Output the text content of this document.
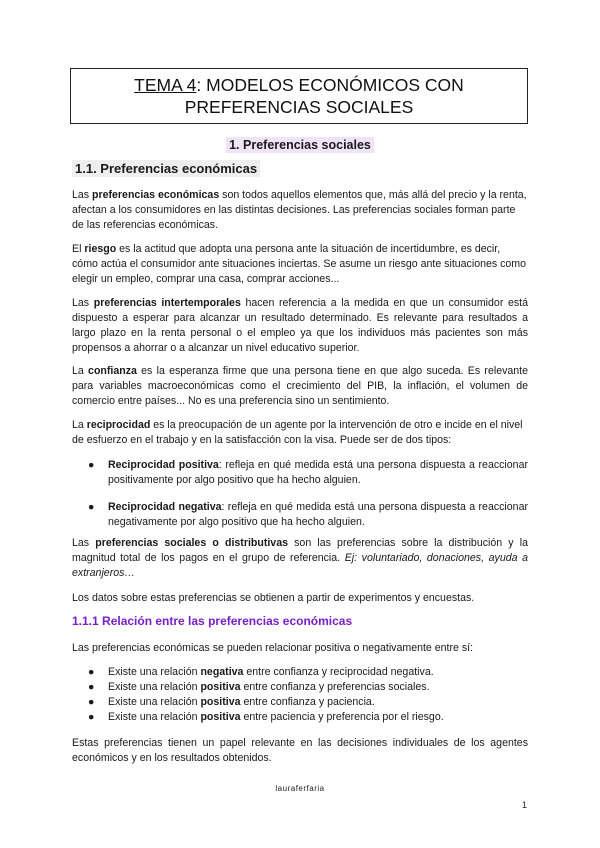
TEMA 4: MODELOS ECONÓMICOS CON
PREFERENCIAS SOCIALES
1. Preferencias sociales
1.1. Preferencias económicas

Las preferencias económicas son todos aquellos elementos que, más allá del precio y la renta, afectan a los consumidores en las distintas decisiones. Las preferencias sociales forman parte de las referencias económicas.

El riesgo es la actitud que adopta una persona ante la situación de incertidumbre, es decir, cómo actúa el consumidor ante situaciones inciertas. Se asume un riesgo ante situaciones como elegir un empleo, comprar una casa, comprar acciones...

Las preferencias intertemporales hacen referencia a la medida en que un consumidor está dispuesto a esperar para alcanzar un resultado determinado. Es relevante para resultados a largo plazo en la renta personal o el empleo ya que los individuos más pacientes son más propensos a ahorrar o a alcanzar un nivel educativo superior.

La confianza es la esperanza firme que una persona tiene en que algo suceda. Es relevante para variables macroeconómicas como el crecimiento del PIB, la inflación, el volumen de comercio entre países... No es una preferencia sino un sentimiento.

La reciprocidad es la preocupación de un agente por la intervención de otro e incide en el nivel de esfuerzo en el trabajo y en la satisfacción con la visa. Puede ser de dos tipos:

● Reciprocidad positiva: refleja en qué medida está una persona dispuesta a reaccionar positivamente por algo positivo que ha hecho alguien.
● Reciprocidad negativa: refleja en qué medida está una persona dispuesta a reaccionar negativamente por algo positivo que ha hecho alguien.

Las preferencias sociales o distributivas son las preferencias sobre la distribución y la magnitud total de los pagos en el grupo de referencia. Ej: voluntariado, donaciones, ayuda a extranjeros…

Los datos sobre estas preferencias se obtienen a partir de experimentos y encuestas.
1.1.1 Relación entre las preferencias económicas
Las preferencias económicas se pueden relacionar positiva o negativamente entre sí:
● Existe una relación negativa entre confianza y reciprocidad negativa.
● Existe una relación positiva entre confianza y preferencias sociales.
● Existe una relación positiva entre confianza y paciencia.
● Existe una relación positiva entre paciencia y preferencia por el riesgo.
Estas preferencias tienen un papel relevante en las decisiones individuales de los agentes económicos y en los resultados obtenidos.
lauraferfaria
1
